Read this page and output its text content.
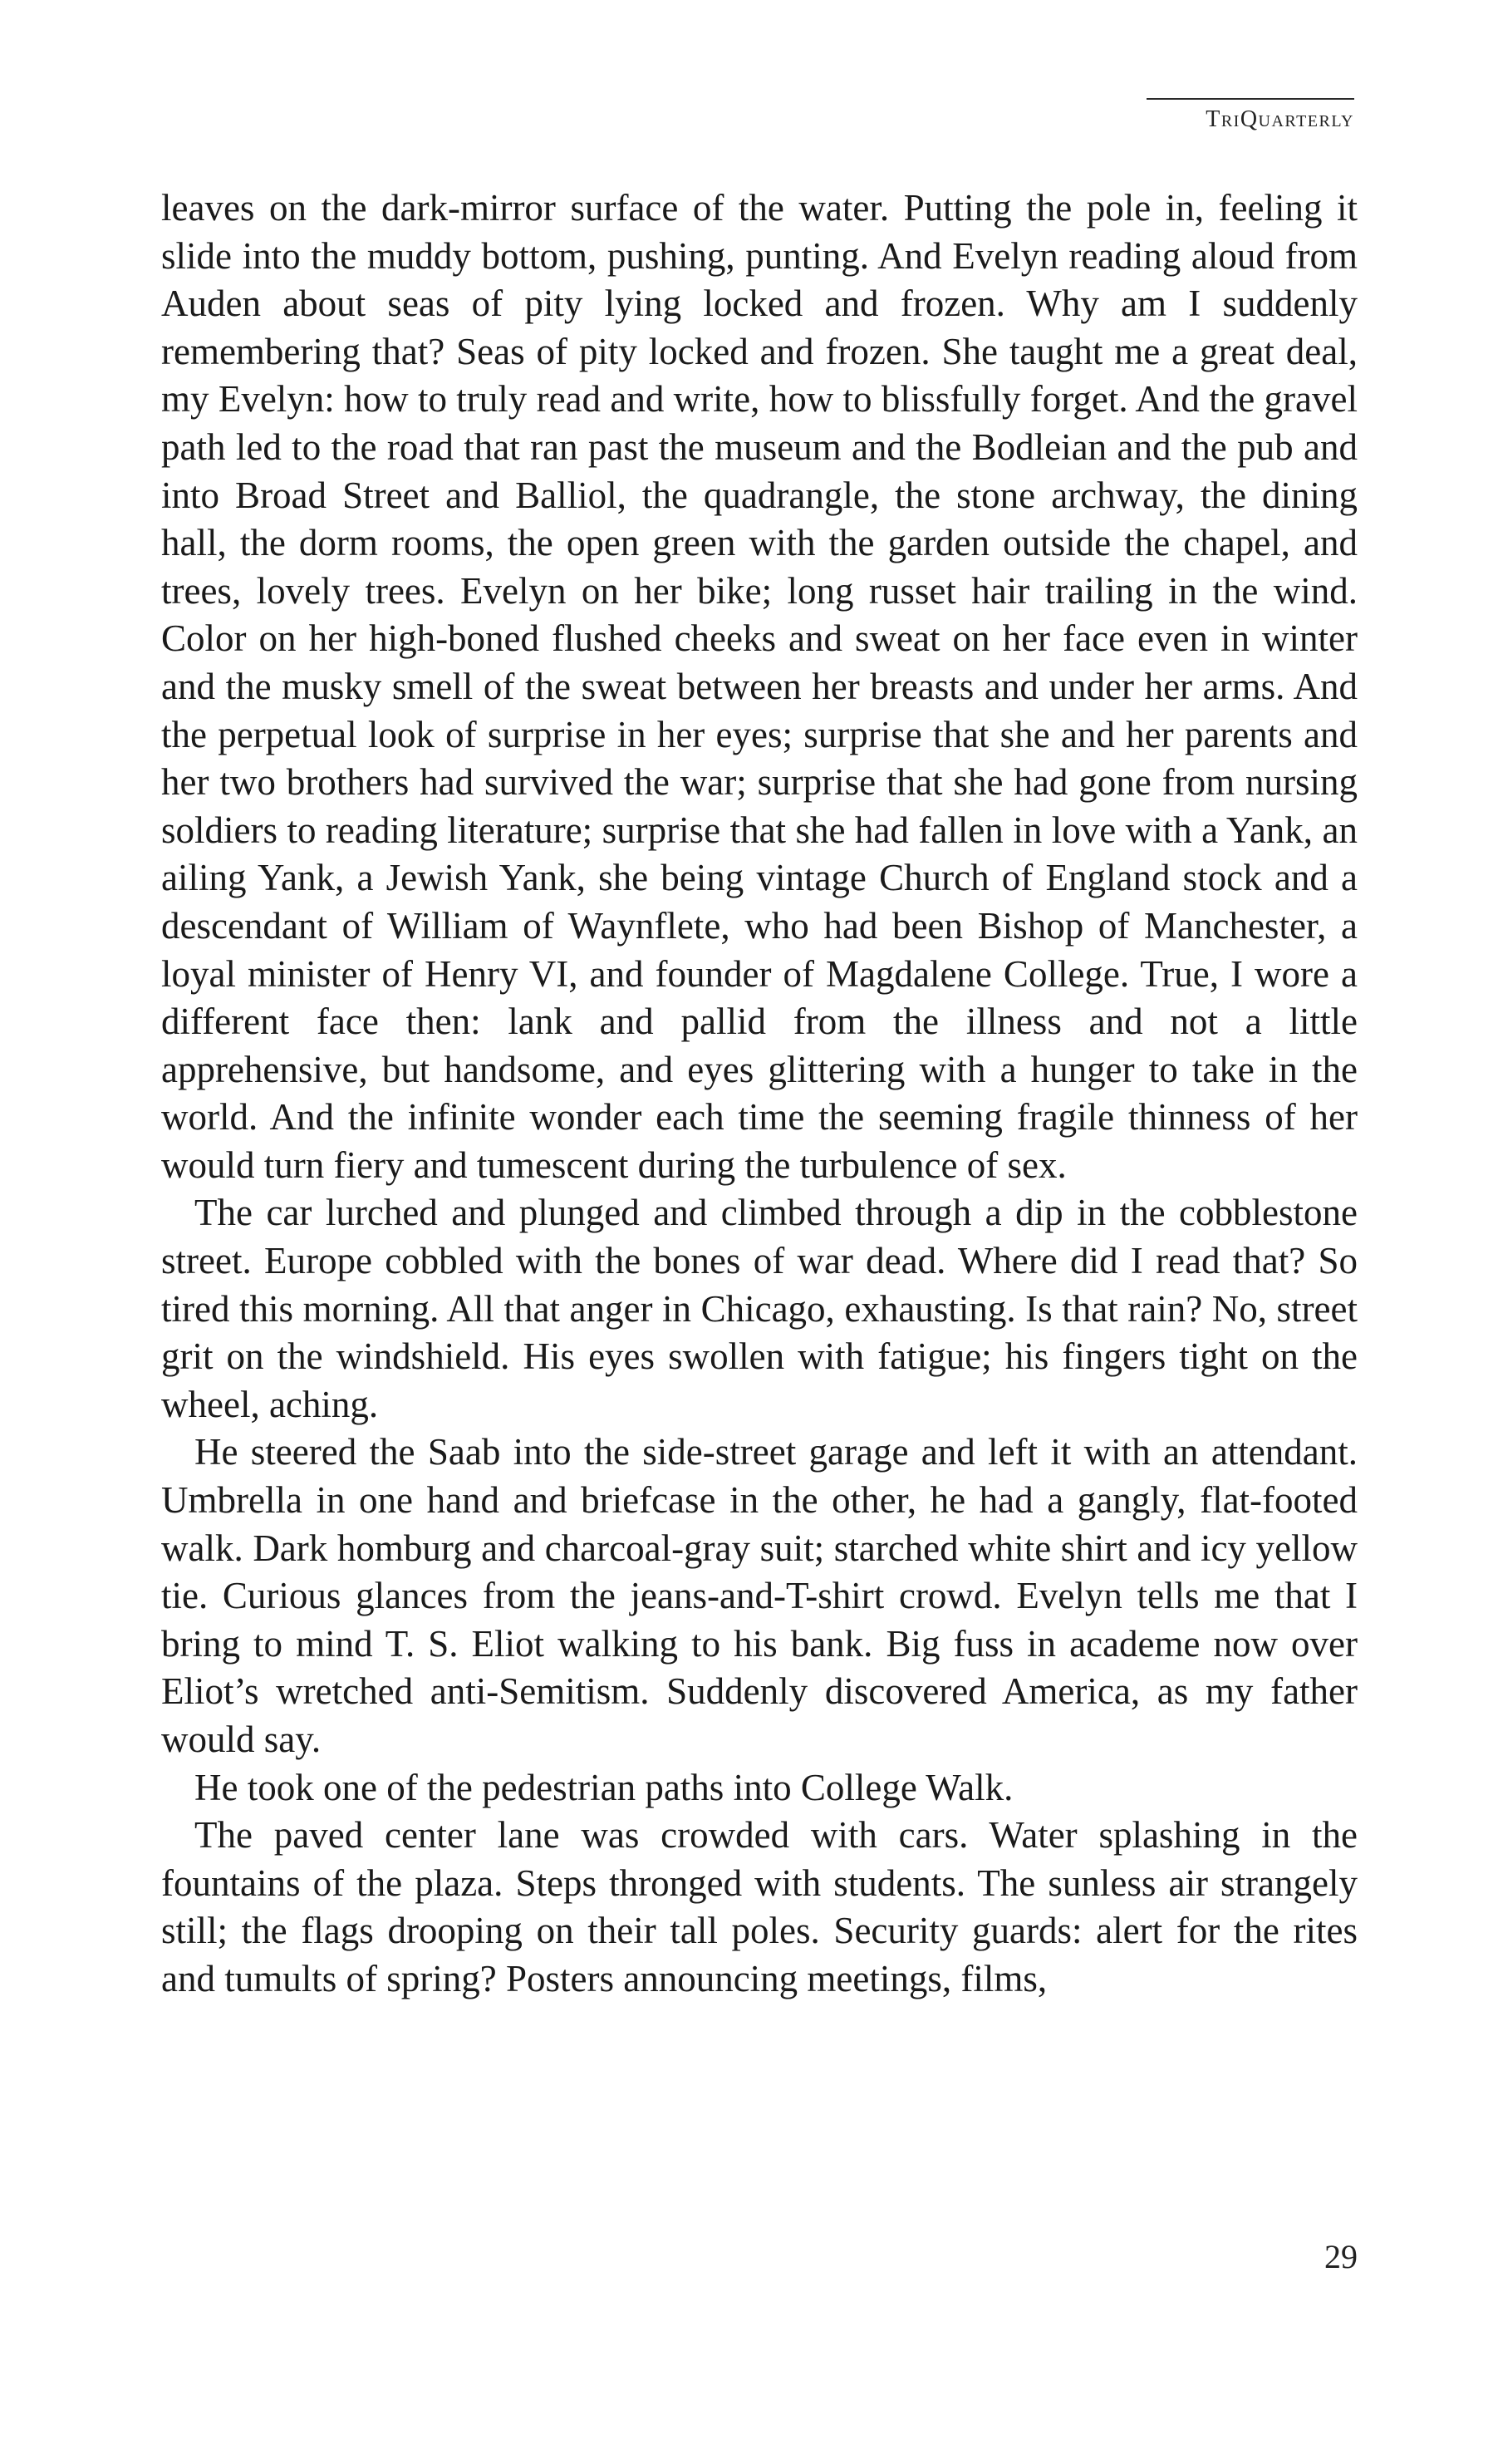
TriQuarterly

leaves on the dark-mirror surface of the water. Putting the pole in, feeling it slide into the muddy bottom, pushing, punting. And Evelyn reading aloud from Auden about seas of pity lying locked and frozen. Why am I suddenly remembering that? Seas of pity locked and frozen. She taught me a great deal, my Evelyn: how to truly read and write, how to blissfully forget. And the gravel path led to the road that ran past the museum and the Bodleian and the pub and into Broad Street and Balliol, the quadrangle, the stone archway, the dining hall, the dorm rooms, the open green with the garden outside the chapel, and trees, lovely trees. Evelyn on her bike; long russet hair trailing in the wind. Color on her high-boned flushed cheeks and sweat on her face even in winter and the musky smell of the sweat between her breasts and under her arms. And the perpetual look of surprise in her eyes; surprise that she and her parents and her two brothers had survived the war; surprise that she had gone from nursing soldiers to reading literature; surprise that she had fallen in love with a Yank, an ailing Yank, a Jewish Yank, she being vintage Church of England stock and a descendant of William of Waynflete, who had been Bishop of Manchester, a loyal minister of Henry VI, and founder of Magdalene College. True, I wore a different face then: lank and pallid from the illness and not a little apprehensive, but handsome, and eyes glittering with a hunger to take in the world. And the infinite wonder each time the seeming fragile thinness of her would turn fiery and tumescent during the turbulence of sex.

The car lurched and plunged and climbed through a dip in the cobblestone street. Europe cobbled with the bones of war dead. Where did I read that? So tired this morning. All that anger in Chicago, exhausting. Is that rain? No, street grit on the windshield. His eyes swollen with fatigue; his fingers tight on the wheel, aching.

He steered the Saab into the side-street garage and left it with an attendant. Umbrella in one hand and briefcase in the other, he had a gangly, flat-footed walk. Dark homburg and charcoal-gray suit; starched white shirt and icy yellow tie. Curious glances from the jeans-and-T-shirt crowd. Evelyn tells me that I bring to mind T. S. Eliot walking to his bank. Big fuss in academe now over Eliot’s wretched anti-Semitism. Suddenly discovered America, as my father would say.

He took one of the pedestrian paths into College Walk.

The paved center lane was crowded with cars. Water splashing in the fountains of the plaza. Steps thronged with students. The sunless air strangely still; the flags drooping on their tall poles. Security guards: alert for the rites and tumults of spring? Posters announcing meetings, films,

29
